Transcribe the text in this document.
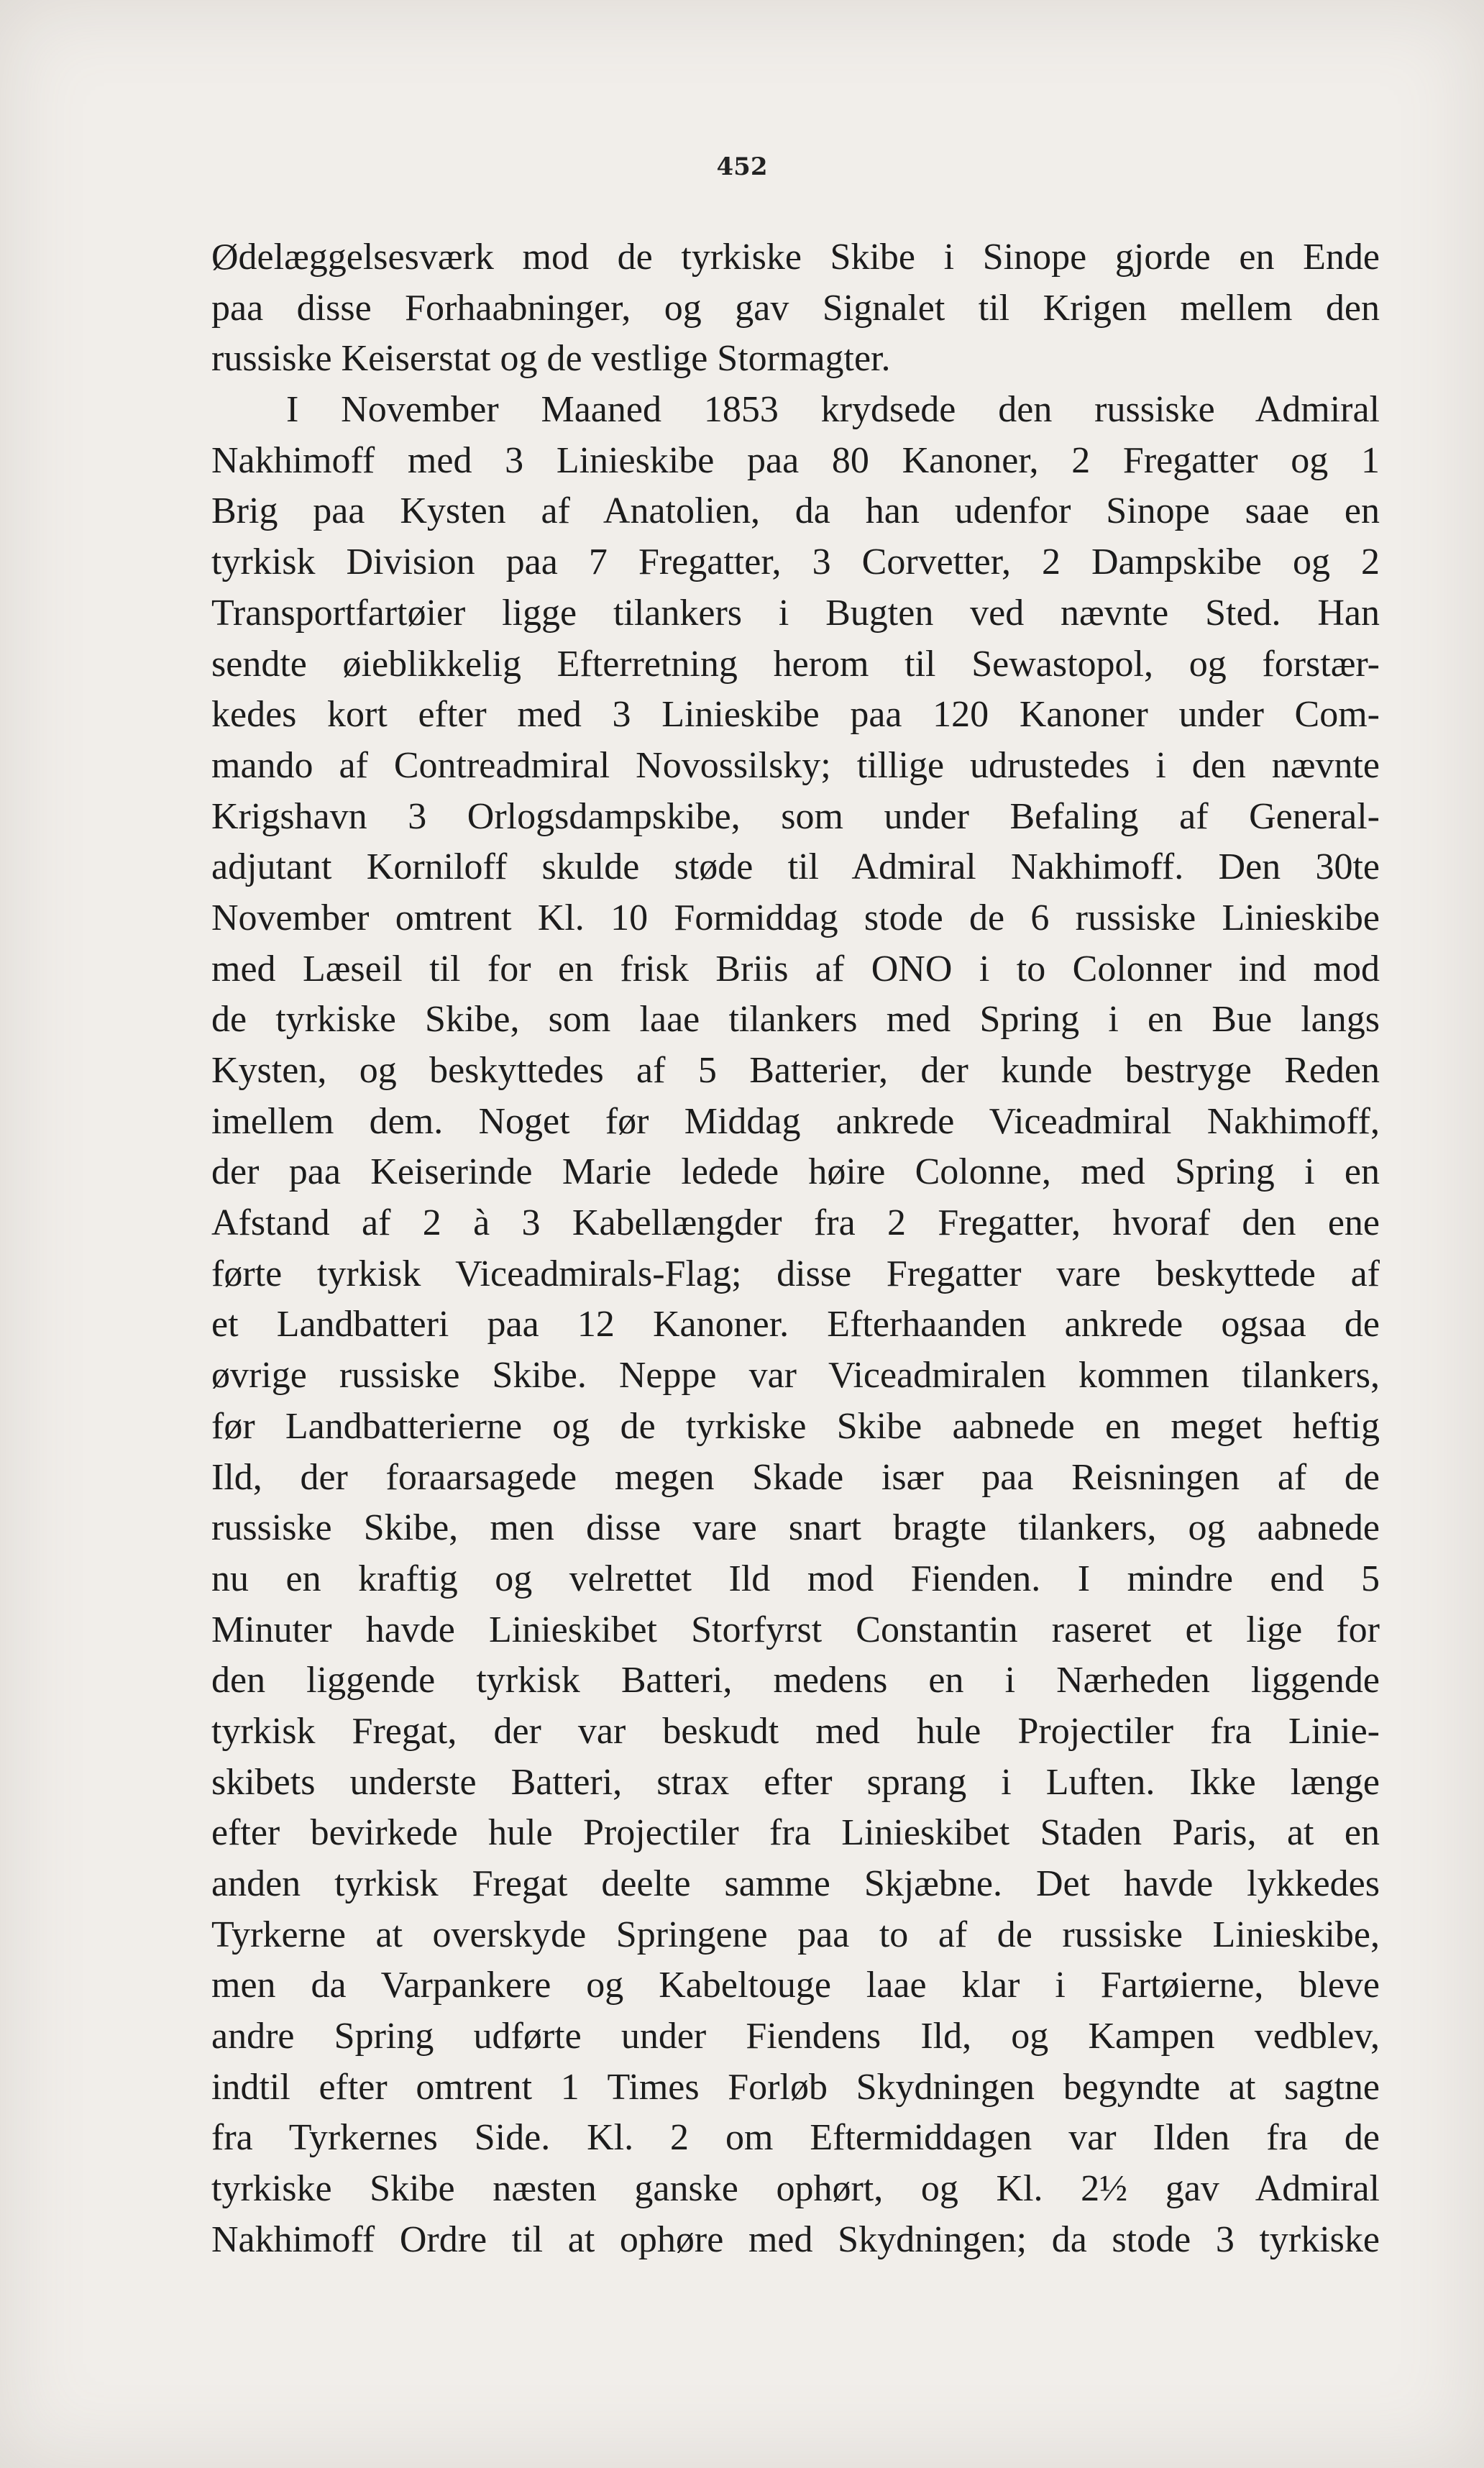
452
Ødelæggelsesværk mod de tyrkiske Skibe i Sinope gjorde en Ende
paa disse Forhaabninger, og gav Signalet til Krigen mellem den
russiske Keiserstat og de vestlige Stormagter.
I November Maaned 1853 krydsede den russiske Admiral
Nakhimoff med 3 Linieskibe paa 80 Kanoner, 2 Fregatter og 1
Brig paa Kysten af Anatolien, da han udenfor Sinope saae en
tyrkisk Division paa 7 Fregatter, 3 Corvetter, 2 Dampskibe og 2
Transportfartøier ligge tilankers i Bugten ved nævnte Sted. Han
sendte øieblikkelig Efterretning herom til Sewastopol, og forstær-
kedes kort efter med 3 Linieskibe paa 120 Kanoner under Com-
mando af Contreadmiral Novossilsky; tillige udrustedes i den nævnte
Krigshavn 3 Orlogsdampskibe, som under Befaling af General-
adjutant Korniloff skulde støde til Admiral Nakhimoff. Den 30te
November omtrent Kl. 10 Formiddag stode de 6 russiske Linieskibe
med Læseil til for en frisk Briis af ONO i to Colonner ind mod
de tyrkiske Skibe, som laae tilankers med Spring i en Bue langs
Kysten, og beskyttedes af 5 Batterier, der kunde bestryge Reden
imellem dem. Noget før Middag ankrede Viceadmiral Nakhimoff,
der paa Keiserinde Marie ledede høire Colonne, med Spring i en
Afstand af 2 à 3 Kabellængder fra 2 Fregatter, hvoraf den ene
førte tyrkisk Viceadmirals-Flag; disse Fregatter vare beskyttede af
et Landbatteri paa 12 Kanoner. Efterhaanden ankrede ogsaa de
øvrige russiske Skibe. Neppe var Viceadmiralen kommen tilankers,
før Landbatterierne og de tyrkiske Skibe aabnede en meget heftig
Ild, der foraarsagede megen Skade især paa Reisningen af de
russiske Skibe, men disse vare snart bragte tilankers, og aabnede
nu en kraftig og velrettet Ild mod Fienden. I mindre end 5
Minuter havde Linieskibet Storfyrst Constantin raseret et lige for
den liggende tyrkisk Batteri, medens en i Nærheden liggende
tyrkisk Fregat, der var beskudt med hule Projectiler fra Linie-
skibets underste Batteri, strax efter sprang i Luften. Ikke længe
efter bevirkede hule Projectiler fra Linieskibet Staden Paris, at en
anden tyrkisk Fregat deelte samme Skjæbne. Det havde lykkedes
Tyrkerne at overskyde Springene paa to af de russiske Linieskibe,
men da Varpankere og Kabeltouge laae klar i Fartøierne, bleve
andre Spring udførte under Fiendens Ild, og Kampen vedblev,
indtil efter omtrent 1 Times Forløb Skydningen begyndte at sagtne
fra Tyrkernes Side. Kl. 2 om Eftermiddagen var Ilden fra de
tyrkiske Skibe næsten ganske ophørt, og Kl. 2½ gav Admiral
Nakhimoff Ordre til at ophøre med Skydningen; da stode 3 tyrkiske
